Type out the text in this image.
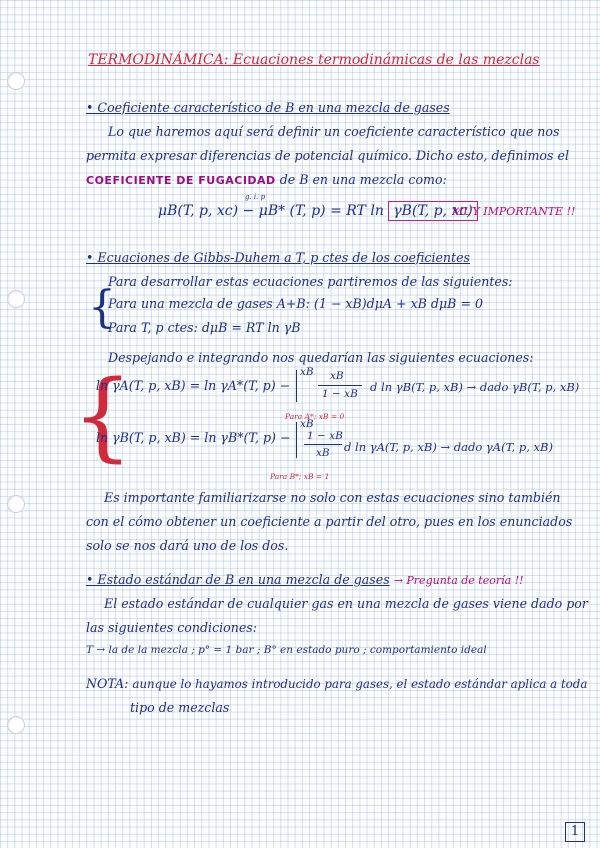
TERMODINÁMICA: Ecuaciones termodinámicas de las mezclas
• Coeficiente característico de B en una mezcla de gases
Lo que haremos aquí será definir un coeficiente característico que nos
permita expresar diferencias de potencial químico. Dicho esto, definimos el
COEFICIENTE DE FUGACIDAD de B en una mezcla como:
μB(T, p, xc) − μB* (T, p) = RT ln γB(T, p, xc)
g. i. p
MUY IMPORTANTE !!
• Ecuaciones de Gibbs-Duhem a T, p ctes de los coeficientes
Para desarrollar estas ecuaciones partiremos de las siguientes:
{
Para una mezcla de gases A+B: (1 − xB)dμA + xB dμB = 0
Para T, p ctes: dμB = RT ln γB
Despejando e integrando nos quedarían las siguientes ecuaciones:
{
ln γA(T, p, xB) = ln γA*(T, p) −
xB xB
1 − xB d ln γB(T, p, xB) → dado γB(T, p, xB)
Para A*; xB = 0
ln γB(T, p, xB) = ln γB*(T, p) −
xB
1 − xB
xB d ln γA(T, p, xB) → dado γA(T, p, xB)
Para B*; xB = 1
Es importante familiarizarse no solo con estas ecuaciones sino también
con el cómo obtener un coeficiente a partir del otro, pues en los enunciados
solo se nos dará uno de los dos.
• Estado estándar de B en una mezcla de gases → Pregunta de teoría !!
El estado estándar de cualquier gas en una mezcla de gases viene dado por
las siguientes condiciones:
T → la de la mezcla ; p° = 1 bar ; B° en estado puro ; comportamiento ideal
NOTA: aunque lo hayamos introducido para gases, el estado estándar aplica a toda
tipo de mezclas
1
